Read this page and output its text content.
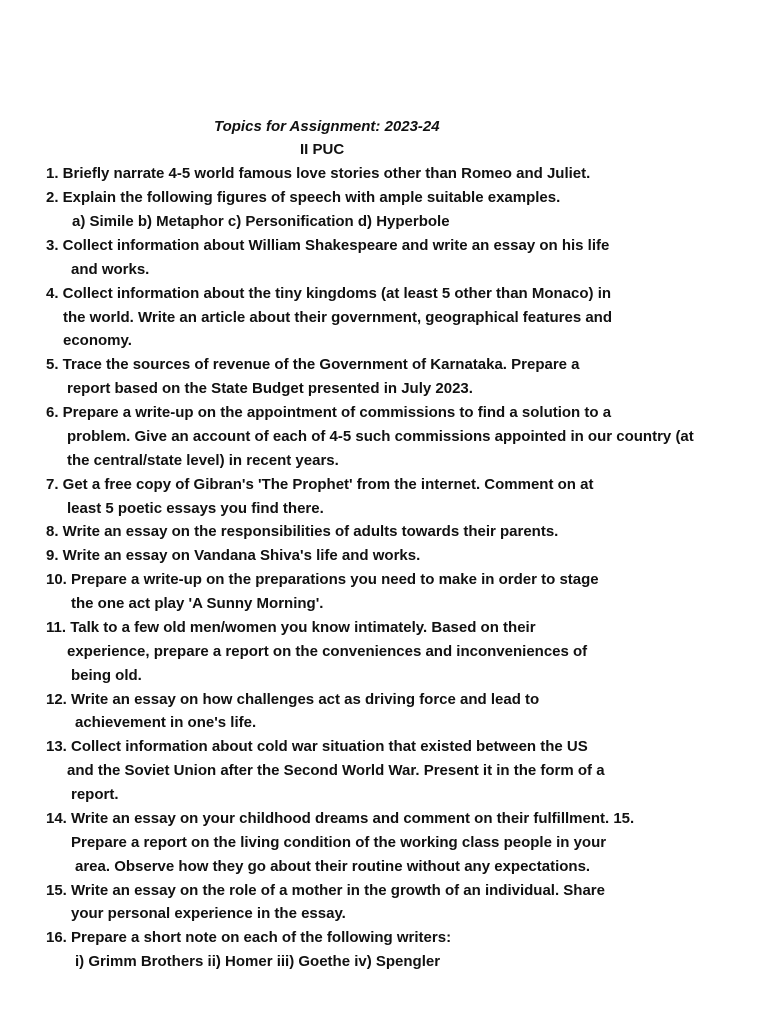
Topics for Assignment: 2023-24
II PUC
1. Briefly narrate 4-5 world famous love stories other than Romeo and Juliet.
2. Explain the following figures of speech with ample suitable examples.
a) Simile b) Metaphor c) Personification d) Hyperbole
3. Collect information about William Shakespeare and write an essay on his life
and works.
4. Collect information about the tiny kingdoms (at least 5 other than Monaco) in
the world. Write an article about their government, geographical features and
economy.
5. Trace the sources of revenue of the Government of Karnataka. Prepare a
report based on the State Budget presented in July 2023.
6. Prepare a write-up on the appointment of commissions to find a solution to a
problem. Give an account of each of 4-5 such commissions appointed in our country (at
the central/state level) in recent years.
7. Get a free copy of Gibran's 'The Prophet' from the internet. Comment on at
least 5 poetic essays you find there.
8. Write an essay on the responsibilities of adults towards their parents.
9. Write an essay on Vandana Shiva's life and works.
10. Prepare a write-up on the preparations you need to make in order to stage
the one act play 'A Sunny Morning'.
11. Talk to a few old men/women you know intimately. Based on their
experience, prepare a report on the conveniences and inconveniences of
being old.
12. Write an essay on how challenges act as driving force and lead to
achievement in one's life.
13. Collect information about cold war situation that existed between the US
and the Soviet Union after the Second World War. Present it in the form of a
report.
14. Write an essay on your childhood dreams and comment on their fulfillment. 15.
Prepare a report on the living condition of the working class people in your
area. Observe how they go about their routine without any expectations.
15. Write an essay on the role of a mother in the growth of an individual. Share
your personal experience in the essay.
16. Prepare a short note on each of the following writers:
i) Grimm Brothers ii) Homer iii) Goethe iv) Spengler
